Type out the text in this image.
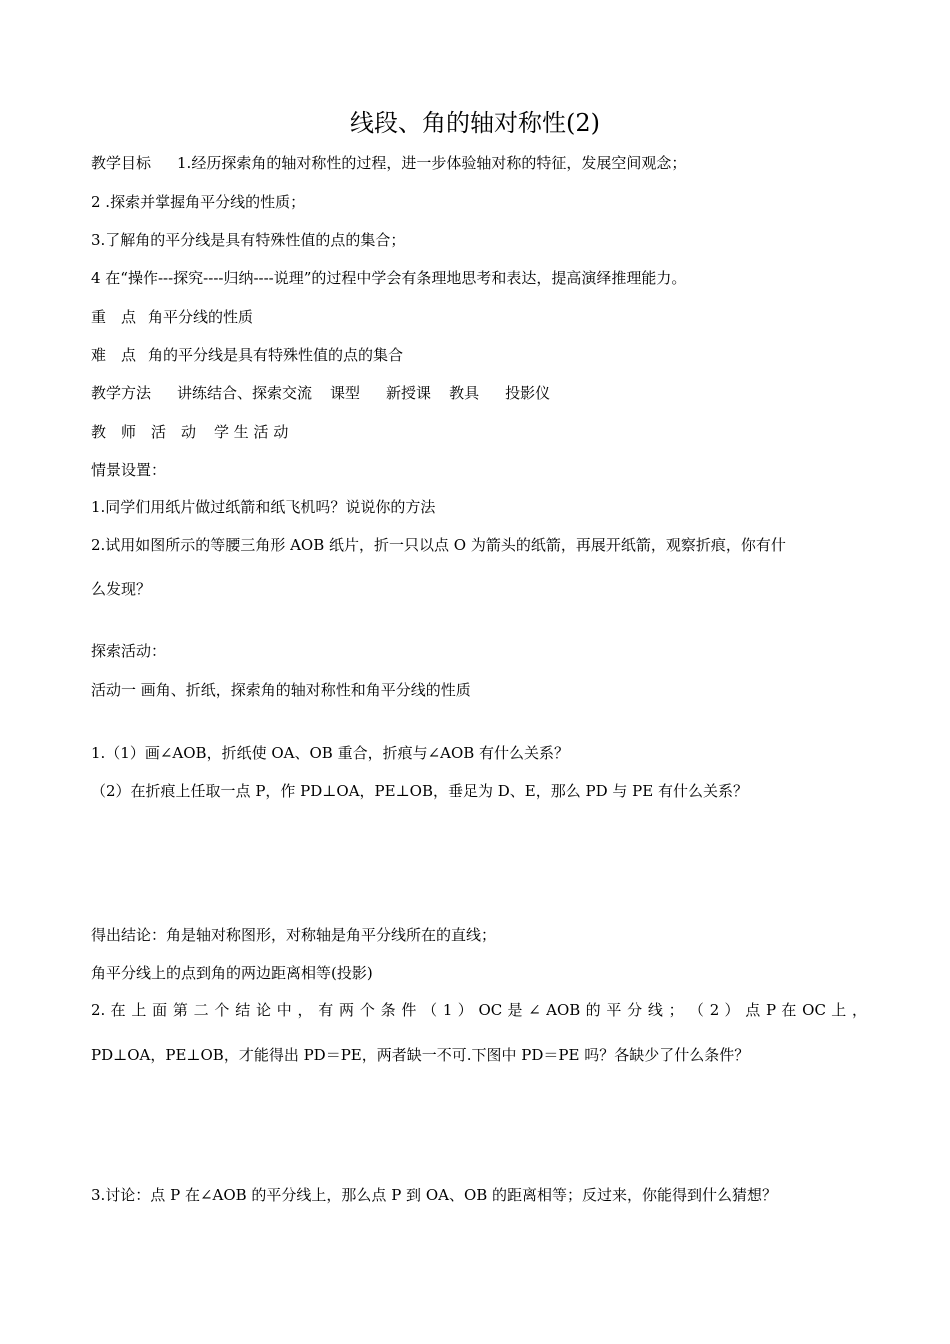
线段、角的轴对称性(2)
教学目标 1.经历探索角的轴对称性的过程，进一步体验轴对称的特征，发展空间观念；
2 .探索并掌握角平分线的性质；
3.了解角的平分线是具有特殊性值的点的集合；
4 在“操作---探究----归纳----说理”的过程中学会有条理地思考和表达，提高演绎推理能力。
重　点 角平分线的性质
难　点 角的平分线是具有特殊性值的点的集合
教学方法 讲练结合、探索交流 课型 新授课 教具 投影仪
教　师　活　动 学 生 活 动
情景设置：
1.同学们用纸片做过纸箭和纸飞机吗？说说你的方法
2.试用如图所示的等腰三角形 AOB 纸片，折一只以点 O 为箭头的纸箭，再展开纸箭，观察折痕，你有什
么发现？
探索活动：
活动一 画角、折纸，探索角的轴对称性和角平分线的性质
1.（1）画∠AOB，折纸使 OA、OB 重合，折痕与∠AOB 有什么关系？
（2）在折痕上任取一点 P，作 PD⊥OA，PE⊥OB，垂足为 D、E，那么 PD 与 PE 有什么关系？
得出结论：角是轴对称图形，对称轴是角平分线所在的直线；
角平分线上的点到角的两边距离相等(投影)
2. 在 上 面 第 二 个 结 论 中 ， 有 两 个 条 件 （ 1 ） OC 是 ∠ AOB 的 平 分 线 ； （ 2 ） 点 P 在 OC 上 ，
PD⊥OA，PE⊥OB，才能得出 PD＝PE，两者缺一不可.下图中 PD＝PE 吗？各缺少了什么条件？
3.讨论：点 P 在∠AOB 的平分线上，那么点 P 到 OA、OB 的距离相等；反过来，你能得到什么猜想？
